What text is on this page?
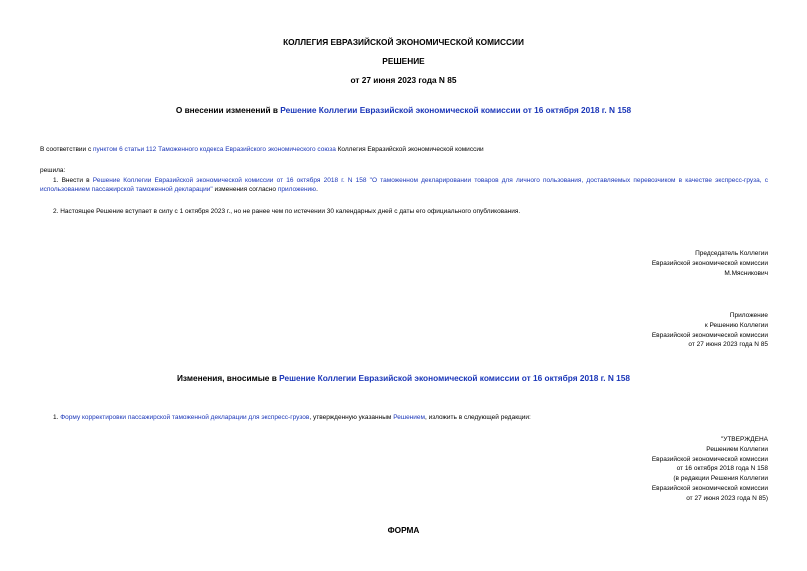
КОЛЛЕГИЯ ЕВРАЗИЙСКОЙ ЭКОНОМИЧЕСКОЙ КОМИССИИ
РЕШЕНИЕ
от 27 июня 2023 года N 85
О внесении изменений в Решение Коллегии Евразийской экономической комиссии от 16 октября 2018 г. N 158
В соответствии с пунктом 6 статьи 112 Таможенного кодекса Евразийского экономического союза Коллегия Евразийской экономической комиссии
решила:
1. Внести в Решение Коллегии Евразийской экономической комиссии от 16 октября 2018 г. N 158 "О таможенном декларировании товаров для личного пользования, доставляемых перевозчиком в качестве экспресс-груза, с использованием пассажирской таможенной декларации" изменения согласно приложению.
2. Настоящее Решение вступает в силу с 1 октября 2023 г., но не ранее чем по истечении 30 календарных дней с даты его официального опубликования.
Председатель Коллегии
Евразийской экономической комиссии
М.Мясникович
Приложение
к Решению Коллегии
Евразийской экономической комиссии
от 27 июня 2023 года N 85
Изменения, вносимые в Решение Коллегии Евразийской экономической комиссии от 16 октября 2018 г. N 158
1. Форму корректировки пассажирской таможенной декларации для экспресс-грузов, утвержденную указанным Решением, изложить в следующей редакции:
"УТВЕРЖДЕНА
Решением Коллегии
Евразийской экономической комиссии
от 16 октября 2018 года N 158
(в редакции Решения Коллегии
Евразийской экономической комиссии
от 27 июня 2023 года N 85)
ФОРМА
